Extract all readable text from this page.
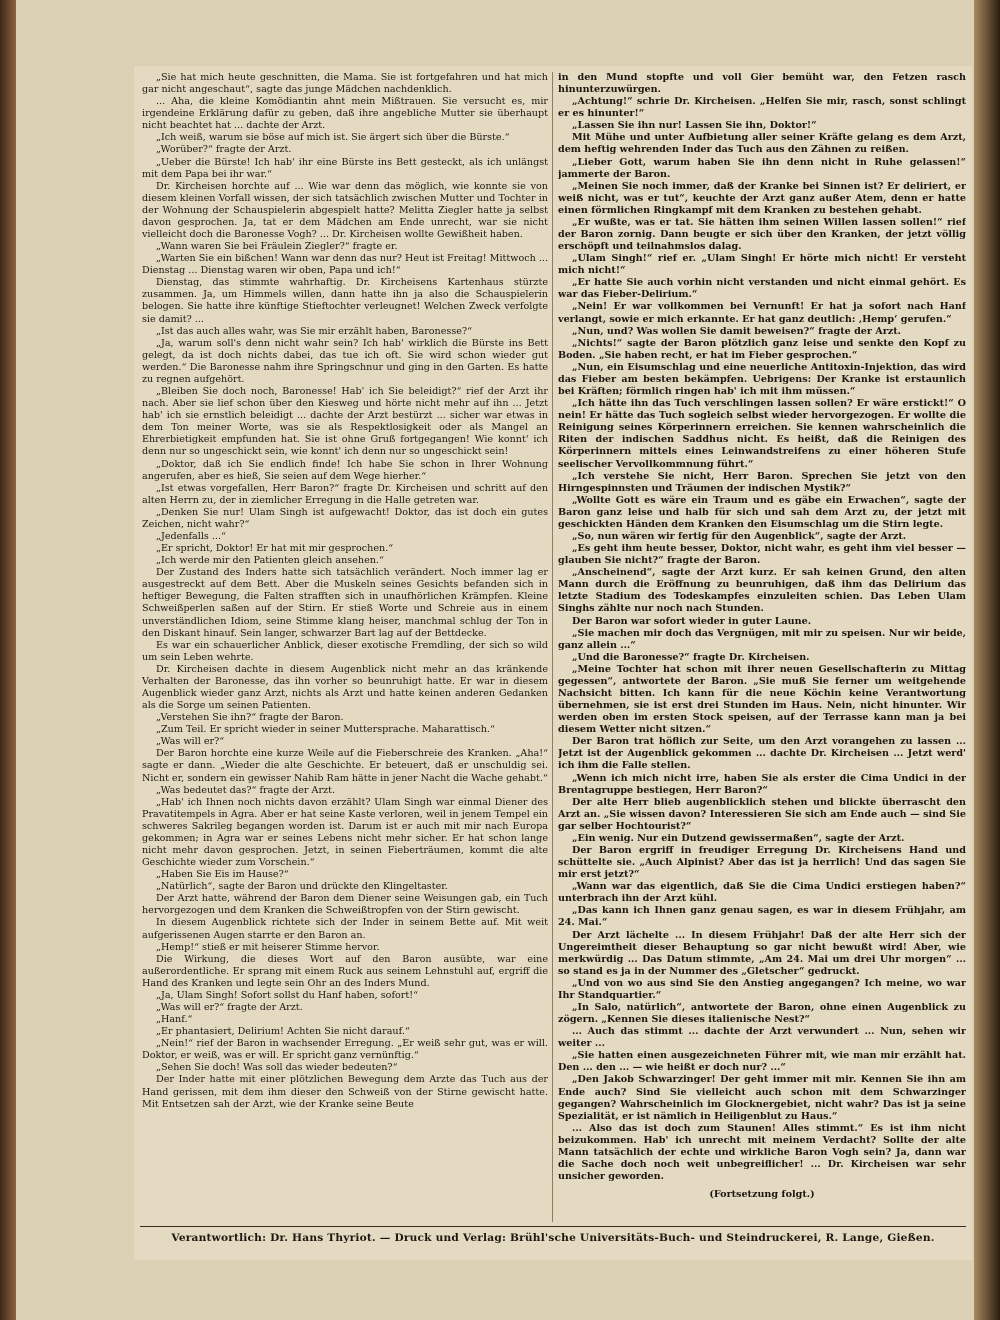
„Sie hat mich heute geschnitten, die Mama. Sie ist fortgefahren und hat mich gar nicht angeschaut“, sagte das junge Mädchen nachdenklich.

... Aha, die kleine Komödiantin ahnt mein Mißtrauen. Sie versucht es, mir irgendeine Erklärung dafür zu geben, daß ihre angebliche Mutter sie überhaupt nicht beachtet hat ... dachte der Arzt.

„Ich weiß, warum sie böse auf mich ist. Sie ärgert sich über die Bürste.“

„Worüber?“ fragte der Arzt.

„Ueber die Bürste! Ich hab' ihr eine Bürste ins Bett gesteckt, als ich unlängst mit dem Papa bei ihr war.“

Dr. Kircheisen horchte auf ... Wie war denn das möglich, wie konnte sie von diesem kleinen Vorfall wissen, der sich tatsächlich zwischen Mutter und Tochter in der Wohnung der Schauspielerin abgespielt hatte? Melitta Ziegler hatte ja selbst davon gesprochen. Ja, tat er dem Mädchen am Ende unrecht, war sie nicht vielleicht doch die Baronesse Vogh? ... Dr. Kircheisen wollte Gewißheit haben.

„Wann waren Sie bei Fräulein Ziegler?“ fragte er.

„Warten Sie ein bißchen! Wann war denn das nur? Heut ist Freitag! Mittwoch ... Dienstag ... Dienstag waren wir oben, Papa und ich!“

Dienstag, das stimmte wahrhaftig. Dr. Kircheisens Kartenhaus stürzte zusammen. Ja, um Himmels willen, dann hatte ihn ja also die Schauspielerin belogen. Sie hatte ihre künftige Stieftochter verleugnet! Welchen Zweck verfolgte sie damit? ...

„Ist das auch alles wahr, was Sie mir erzählt haben, Baronesse?“

„Ja, warum soll's denn nicht wahr sein? Ich hab' wirklich die Bürste ins Bett gelegt, da ist doch nichts dabei, das tue ich oft. Sie wird schon wieder gut werden.“ Die Baronesse nahm ihre Springschnur und ging in den Garten. Es hatte zu regnen aufgehört.

„Bleiben Sie doch noch, Baronesse! Hab' ich Sie beleidigt?“ rief der Arzt ihr nach. Aber sie lief schon über den Kiesweg und hörte nicht mehr auf ihn ... Jetzt hab' ich sie ernstlich beleidigt ... dachte der Arzt bestürzt ... sicher war etwas in dem Ton meiner Worte, was sie als Respektlosigkeit oder als Mangel an Ehrerbietigkeit empfunden hat. Sie ist ohne Gruß fortgegangen! Wie konnt' ich denn nur so ungeschickt sein, wie konnt' ich denn nur so ungeschickt sein!

„Doktor, daß ich Sie endlich finde! Ich habe Sie schon in Ihrer Wohnung angerufen, aber es hieß, Sie seien auf dem Wege hierher.“

„Ist etwas vorgefallen, Herr Baron?“ fragte Dr. Kircheisen und schritt auf den alten Herrn zu, der in ziemlicher Erregung in die Halle getreten war.

„Denken Sie nur! Ulam Singh ist aufgewacht! Doktor, das ist doch ein gutes Zeichen, nicht wahr?“

„Jedenfalls ...“

„Er spricht, Doktor! Er hat mit mir gesprochen.“

„Ich werde mir den Patienten gleich ansehen.“

Der Zustand des Inders hatte sich tatsächlich verändert. Noch immer lag er ausgestreckt auf dem Bett. Aber die Muskeln seines Gesichts befanden sich in heftiger Bewegung, die Falten strafften sich in unaufhörlichen Krämpfen. Kleine Schweißperlen saßen auf der Stirn. Er stieß Worte und Schreie aus in einem unverständlichen Idiom, seine Stimme klang heiser, manchmal schlug der Ton in den Diskant hinauf. Sein langer, schwarzer Bart lag auf der Bettdecke.

Es war ein schauerlicher Anblick, dieser exotische Fremdling, der sich so wild um sein Leben wehrte.

Dr. Kircheisen dachte in diesem Augenblick nicht mehr an das kränkende Verhalten der Baronesse, das ihn vorher so beunruhigt hatte. Er war in diesem Augenblick wieder ganz Arzt, nichts als Arzt und hatte keinen anderen Gedanken als die Sorge um seinen Patienten.

„Verstehen Sie ihn?“ fragte der Baron.

„Zum Teil. Er spricht wieder in seiner Muttersprache. Maharattisch.“

„Was will er?“

Der Baron horchte eine kurze Weile auf die Fieberschreie des Kranken. „Aha!“ sagte er dann. „Wieder die alte Geschichte. Er beteuert, daß er unschuldig sei. Nicht er, sondern ein gewisser Nahib Ram hätte in jener Nacht die Wache gehabt.“

„Was bedeutet das?“ fragte der Arzt.

„Hab' ich Ihnen noch nichts davon erzählt? Ulam Singh war einmal Diener des Pravatitempels in Agra. Aber er hat seine Kaste verloren, weil in jenem Tempel ein schweres Sakrileg begangen worden ist. Darum ist er auch mit mir nach Europa gekommen; in Agra war er seines Lebens nicht mehr sicher. Er hat schon lange nicht mehr davon gesprochen. Jetzt, in seinen Fieberträumen, kommt die alte Geschichte wieder zum Vorschein.“

„Haben Sie Eis im Hause?“

„Natürlich“, sagte der Baron und drückte den Klingeltaster.

Der Arzt hatte, während der Baron dem Diener seine Weisungen gab, ein Tuch hervorgezogen und dem Kranken die Schweißtropfen von der Stirn gewischt.

In diesem Augenblick richtete sich der Inder in seinem Bette auf. Mit weit aufgerissenen Augen starrte er den Baron an.

„Hemp!“ stieß er mit heiserer Stimme hervor.

Die Wirkung, die dieses Wort auf den Baron ausübte, war eine außerordentliche. Er sprang mit einem Ruck aus seinem Lehnstuhl auf, ergriff die Hand des Kranken und legte sein Ohr an des Inders Mund.

„Ja, Ulam Singh! Sofort sollst du Hanf haben, sofort!“

„Was will er?“ fragte der Arzt.

„Hanf.“

„Er phantasiert, Delirium! Achten Sie nicht darauf.“

„Nein!“ rief der Baron in wachsender Erregung. „Er weiß sehr gut, was er will. Doktor, er weiß, was er will. Er spricht ganz vernünftig.“

„Sehen Sie doch! Was soll das wieder bedeuten?“

Der Inder hatte mit einer plötzlichen Bewegung dem Arzte das Tuch aus der Hand gerissen, mit dem ihm dieser den Schweiß von der Stirne gewischt hatte. Mit Entsetzen sah der Arzt, wie der Kranke seine Beute

in den Mund stopfte und voll Gier bemüht war, den Fetzen rasch hinunterzuwürgen.

„Achtung!“ schrie Dr. Kircheisen. „Helfen Sie mir, rasch, sonst schlingt er es hinunter!“

„Lassen Sie ihn nur! Lassen Sie ihn, Doktor!“

Mit Mühe und unter Aufbietung aller seiner Kräfte gelang es dem Arzt, dem heftig wehrenden Inder das Tuch aus den Zähnen zu reißen.

„Lieber Gott, warum haben Sie ihn denn nicht in Ruhe gelassen!“ jammerte der Baron.

„Meinen Sie noch immer, daß der Kranke bei Sinnen ist? Er deliriert, er weiß nicht, was er tut“, keuchte der Arzt ganz außer Atem, denn er hatte einen förmlichen Ringkampf mit dem Kranken zu bestehen gehabt.

„Er wußte, was er tat. Sie hätten ihm seinen Willen lassen sollen!“ rief der Baron zornig. Dann beugte er sich über den Kranken, der jetzt völlig erschöpft und teilnahmslos dalag.

„Ulam Singh!“ rief er. „Ulam Singh! Er hörte mich nicht! Er versteht mich nicht!“

„Er hatte Sie auch vorhin nicht verstanden und nicht einmal gehört. Es war das Fieber-Delirium.“

„Nein! Er war vollkommen bei Vernunft! Er hat ja sofort nach Hanf verlangt, sowie er mich erkannte. Er hat ganz deutlich: ‚Hemp‘ gerufen.“

„Nun, und? Was wollen Sie damit beweisen?“ fragte der Arzt.

„Nichts!“ sagte der Baron plötzlich ganz leise und senkte den Kopf zu Boden. „Sie haben recht, er hat im Fieber gesprochen.“

„Nun, ein Eisumschlag und eine neuerliche Antitoxin-Injektion, das wird das Fieber am besten bekämpfen. Uebrigens: Der Kranke ist erstaunlich bei Kräften; förmlich ringen hab' ich mit ihm müssen.“

„Ich hätte ihn das Tuch verschlingen lassen sollen? Er wäre erstickt!“ O nein! Er hätte das Tuch sogleich selbst wieder hervorgezogen. Er wollte die Reinigung seines Körperinnern erreichen. Sie kennen wahrscheinlich die Riten der indischen Saddhus nicht. Es heißt, daß die Reinigen des Körperinnern mittels eines Leinwandstreifens zu einer höheren Stufe seelischer Vervollkommnung führt.“

„Ich verstehe Sie nicht, Herr Baron. Sprechen Sie jetzt von den Hirngespinnsten und Träumen der indischen Mystik?“

„Wollte Gott es wäre ein Traum und es gäbe ein Erwachen“, sagte der Baron ganz leise und halb für sich und sah dem Arzt zu, der jetzt mit geschickten Händen dem Kranken den Eisumschlag um die Stirn legte.

„So, nun wären wir fertig für den Augenblick“, sagte der Arzt.

„Es geht ihm heute besser, Doktor, nicht wahr, es geht ihm viel besser — glauben Sie nicht?“ fragte der Baron.

„Anscheinend“, sagte der Arzt kurz. Er sah keinen Grund, den alten Mann durch die Eröffnung zu beunruhigen, daß ihm das Delirium das letzte Stadium des Todeskampfes einzuleiten schien. Das Leben Ulam Singhs zählte nur noch nach Stunden.

Der Baron war sofort wieder in guter Laune.

„Sie machen mir doch das Vergnügen, mit mir zu speisen. Nur wir beide, ganz allein ...“

„Und die Baronesse?“ fragte Dr. Kircheisen.

„Meine Tochter hat schon mit ihrer neuen Gesellschafterin zu Mittag gegessen“, antwortete der Baron. „Sie muß Sie ferner um weitgehende Nachsicht bitten. Ich kann für die neue Köchin keine Verantwortung übernehmen, sie ist erst drei Stunden im Haus. Nein, nicht hinunter. Wir werden oben im ersten Stock speisen, auf der Terrasse kann man ja bei diesem Wetter nicht sitzen.“

Der Baron trat höflich zur Seite, um den Arzt vorangehen zu lassen ... Jetzt ist der Augenblick gekommen ... dachte Dr. Kircheisen ... Jetzt werd' ich ihm die Falle stellen.

„Wenn ich mich nicht irre, haben Sie als erster die Cima Undici in der Brentagruppe bestiegen, Herr Baron?“

Der alte Herr blieb augenblicklich stehen und blickte überrascht den Arzt an. „Sie wissen davon? Interessieren Sie sich am Ende auch — sind Sie gar selber Hochtourist?“

„Ein wenig. Nur ein Dutzend gewissermaßen“, sagte der Arzt.

Der Baron ergriff in freudiger Erregung Dr. Kircheisens Hand und schüttelte sie. „Auch Alpinist? Aber das ist ja herrlich! Und das sagen Sie mir erst jetzt?“

„Wann war das eigentlich, daß Sie die Cima Undici erstiegen haben?“ unterbrach ihn der Arzt kühl.

„Das kann ich Ihnen ganz genau sagen, es war in diesem Frühjahr, am 24. Mai.“

Der Arzt lächelte ... In diesem Frühjahr! Daß der alte Herr sich der Ungereimtheit dieser Behauptung so gar nicht bewußt wird! Aber, wie merkwürdig ... Das Datum stimmte, „Am 24. Mai um drei Uhr morgen“ ... so stand es ja in der Nummer des „Gletscher“ gedruckt.

„Und von wo aus sind Sie den Anstieg angegangen? Ich meine, wo war Ihr Standquartier.“

„In Salo, natürlich“, antwortete der Baron, ohne einen Augenblick zu zögern. „Kennen Sie dieses italienische Nest?“

... Auch das stimmt ... dachte der Arzt verwundert ... Nun, sehen wir weiter ...

„Sie hatten einen ausgezeichneten Führer mit, wie man mir erzählt hat. Den ... den ... — wie heißt er doch nur? ...“

„Den Jakob Schwarzinger! Der geht immer mit mir. Kennen Sie ihn am Ende auch? Sind Sie vielleicht auch schon mit dem Schwarzinger gegangen? Wahrscheinlich im Glocknergebiet, nicht wahr? Das ist ja seine Spezialität, er ist nämlich in Heiligenblut zu Haus.“

... Also das ist doch zum Staunen! Alles stimmt.“ Es ist ihm nicht beizukommen. Hab' ich unrecht mit meinem Verdacht? Sollte der alte Mann tatsächlich der echte und wirkliche Baron Vogh sein? Ja, dann war die Sache doch noch weit unbegreiflicher! ... Dr. Kircheisen war sehr unsicher geworden.

(Fortsetzung folgt.)

Verantwortlich: Dr. Hans Thyriot. — Druck und Verlag: Brühl'sche Universitäts-Buch- und Steindruckerei, R. Lange, Gießen.
